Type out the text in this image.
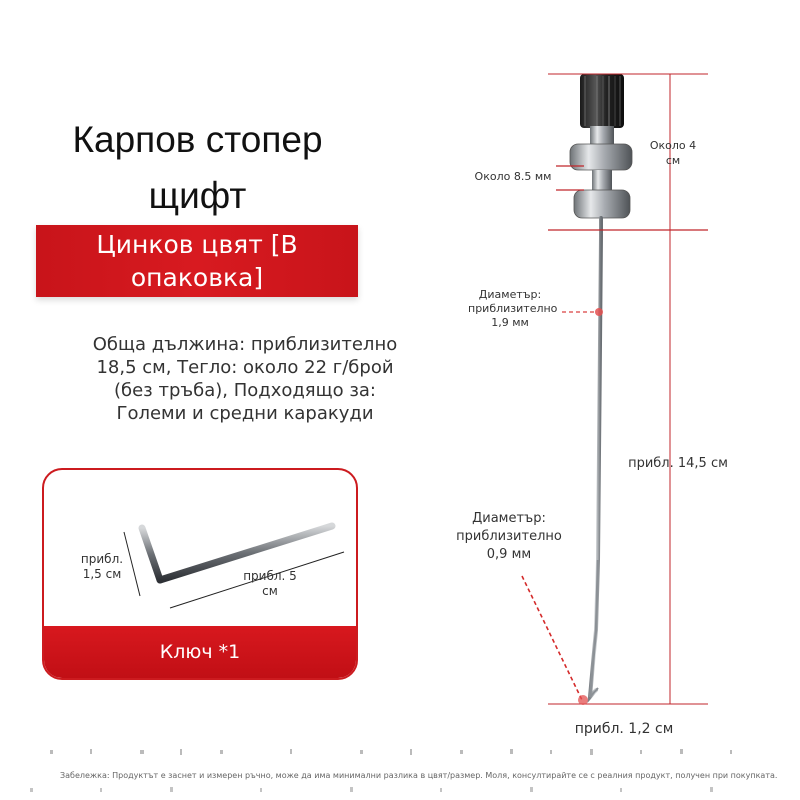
Карпов стопер
щифт
Цинков цвят [В
опаковка]
Обща дължина: приблизително
18,5 см, Тегло: около 22 г/брой
(без тръба), Подходящо за:
Големи и средни каракуди
прибл.
1,5 см	прибл. 5
см
Ключ *1
Около 4
см
Около 8.5 мм
Диаметър:
приблизително
1,9 мм
прибл. 14,5 см
Диаметър:
приблизително
0,9 мм
прибл. 1,2 см
Забележка: Продуктът е заснет и измерен ръчно, може да има минимални разлика в цвят/размер. Моля, консултирайте се с реалния продукт, получен при покупката.
